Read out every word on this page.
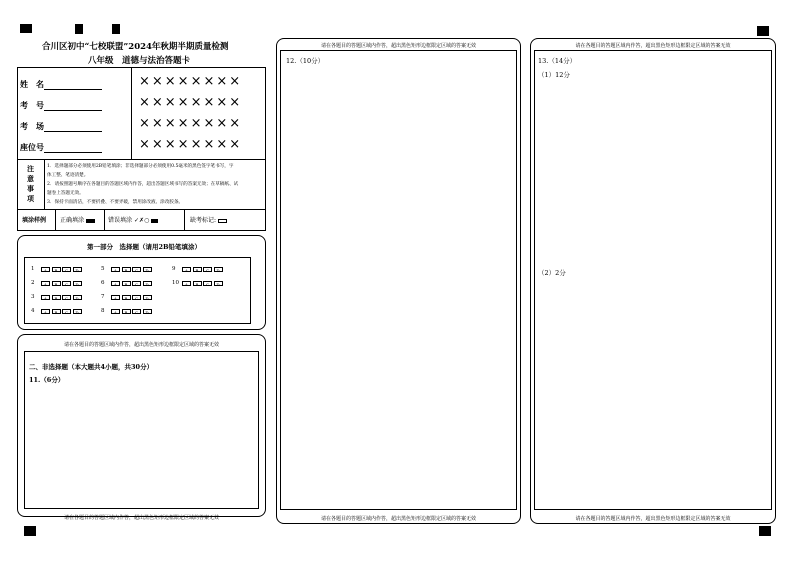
合川区初中“七校联盟”2024年秋期半期质量检测
八年级　道德与法治答题卡
姓　名
考　号
考　场
座位号
××××××××
××××××××
××××××××
××××××××
注
意
事
项
1．选择题部分必须使用2B铅笔填涂；非选择题部分必须使用0.5毫米的黑色签字笔书写，字
体工整、笔迹清楚。
2．请按照题号顺序在各题目的答题区域内作答，超出答题区域书写的答案无效；在草稿纸、试
题卷上答题无效。
3．保持卡面清洁，不要折叠、不要弄破，禁用涂改液、涂改胶条。
填涂样例 正确填涂	错误填涂 ✓✗○	缺考标记:
第一部分　选择题（请用2B铅笔填涂）
1	A	B	C	D
2	A	B	C	D
3	A	B	C	D
4	A	B	C	D
5	A	B	C	D
6	A	B	C	D
7	A	B	C	D
8	A	B	C	D
9	A	B	C	D
10	A	B	C	D
请在各题目的答题区域内作答，超出黑色矩形边框限定区域的答案无效
二、非选择题（本大题共4小题，共30分）
11.（6分）
请在各题目的答题区域内作答，超出黑色矩形边框限定区域的答案无效
请在各题目的答题区域内作答，超出黑色矩形边框限定区域的答案无效
12.（10分）
请在各题目的答题区域内作答，超出黑色矩形边框限定区域的答案无效
请在各题目的答题区域内作答，超出黑色矩形边框限定区域的答案无效
13.（14分）
（1）12分
（2）2分
请在各题目的答题区域内作答，超出黑色矩形边框限定区域的答案无效
